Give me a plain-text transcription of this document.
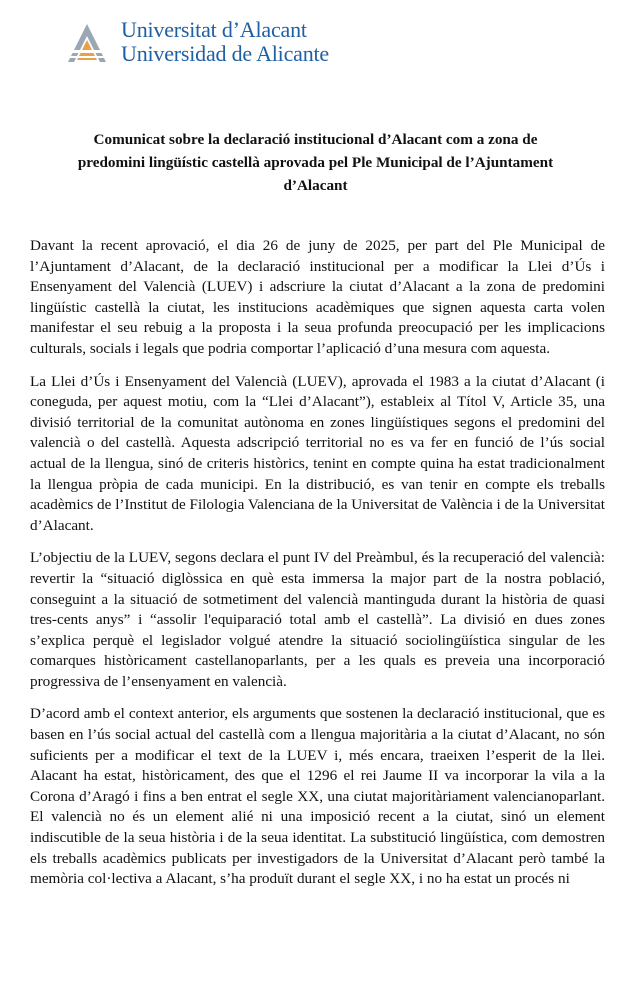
Universitat d’Alacant
Universidad de Alicante
Comunicat sobre la declaració institucional d’Alacant com a zona de predomini lingüístic castellà aprovada pel Ple Municipal de l’Ajuntament d’Alacant

Davant la recent aprovació, el dia 26 de juny de 2025, per part del Ple Municipal de l’Ajuntament d’Alacant, de la declaració institucional per a modificar la Llei d’Ús i Ensenyament del Valencià (LUEV) i adscriure la ciutat d’Alacant a la zona de predomini lingüístic castellà la ciutat, les institucions acadèmiques que signen aquesta carta volen manifestar el seu rebuig a la proposta i la seua profunda preocupació per les implicacions culturals, socials i legals que podria comportar l’aplicació d’una mesura com aquesta.

La Llei d’Ús i Ensenyament del Valencià (LUEV), aprovada el 1983 a la ciutat d’Alacant (i coneguda, per aquest motiu, com la “Llei d’Alacant”), estableix al Títol V, Article 35, una divisió territorial de la comunitat autònoma en zones lingüístiques segons el predomini del valencià o del castellà. Aquesta adscripció territorial no es va fer en funció de l’ús social actual de la llengua, sinó de criteris històrics, tenint en compte quina ha estat tradicionalment la llengua pròpia de cada municipi. En la distribució, es van tenir en compte els treballs acadèmics de l’Institut de Filologia Valenciana de la Universitat de València i de la Universitat d’Alacant.

L’objectiu de la LUEV, segons declara el punt IV del Preàmbul, és la recuperació del valencià: revertir la “situació diglòssica en què esta immersa la major part de la nostra població, conseguint a la situació de sotmetiment del valencià mantinguda durant la història de quasi tres-cents anys” i “assolir l'equiparació total amb el castellà”. La divisió en dues zones s’explica perquè el legislador volgué atendre la situació sociolingüística singular de les comarques històricament castellanoparlants, per a les quals es preveia una incorporació progressiva de l’ensenyament en valencià.

D’acord amb el context anterior, els arguments que sostenen la declaració institucional, que es basen en l’ús social actual del castellà com a llengua majoritària a la ciutat d’Alacant, no són suficients per a modificar el text de la LUEV i, més encara, traeixen l’esperit de la llei. Alacant ha estat, històricament, des que el 1296 el rei Jaume II va incorporar la vila a la Corona d’Aragó i fins a ben entrat el segle XX, una ciutat majoritàriament valencianoparlant. El valencià no és un element alié ni una imposició recent a la ciutat, sinó un element indiscutible de la seua història i de la seua identitat. La substitució lingüística, com demostren els treballs acadèmics publicats per investigadors de la Universitat d’Alacant però també la memòria col·lectiva a Alacant, s’ha produït durant el segle XX, i no ha estat un procés ni
